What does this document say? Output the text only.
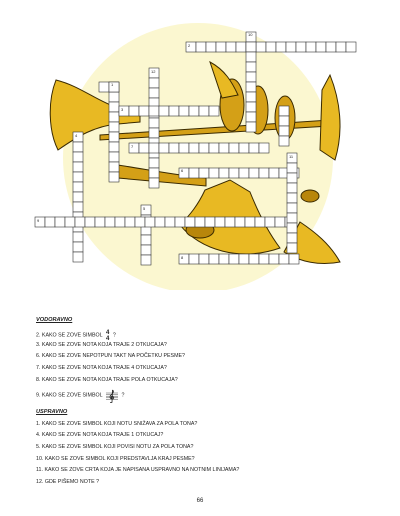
1
2
3
4
5
6
7
8
9
10
11
12
VODORAVNO
2. KAKO SE ZOVE SIMBOL 4
4
?
3. KAKO SE ZOVE NOTA KOJA TRAJE 2 OTKUCAJA?
6. KAKO SE ZOVE NEPOTPUN TAKT NA POČETKU PESME?
7. KAKO SE ZOVE NOTA KOJA TRAJE 4 OTKUCAJA?
8. KAKO SE ZOVE NOTA KOJA TRAJE POLA OTKUCAJA?
9. KAKO SE ZOVE SIMBOL	?
USPRAVNO
1. KAKO SE ZOVE SIMBOL KOJI NOTU SNIŽAVA ZA POLA TONA?
4. KAKO SE ZOVE NOTA KOJA TRAJE 1 OTKUCAJ?
5. KAKO SE ZOVE SIMBOL KOJI POVISI NOTU ZA POLA TONA?
10. KAKO SE ZOVE SIMBOL KOJI PREDSTAVLJA KRAJ PESME?
11. KAKO SE ZOVE CRTA KOJA JE NAPISANA USPRAVNO NA NOTNIM LINIJAMA?
12. GDE PIŠEMO NOTE ?
66
